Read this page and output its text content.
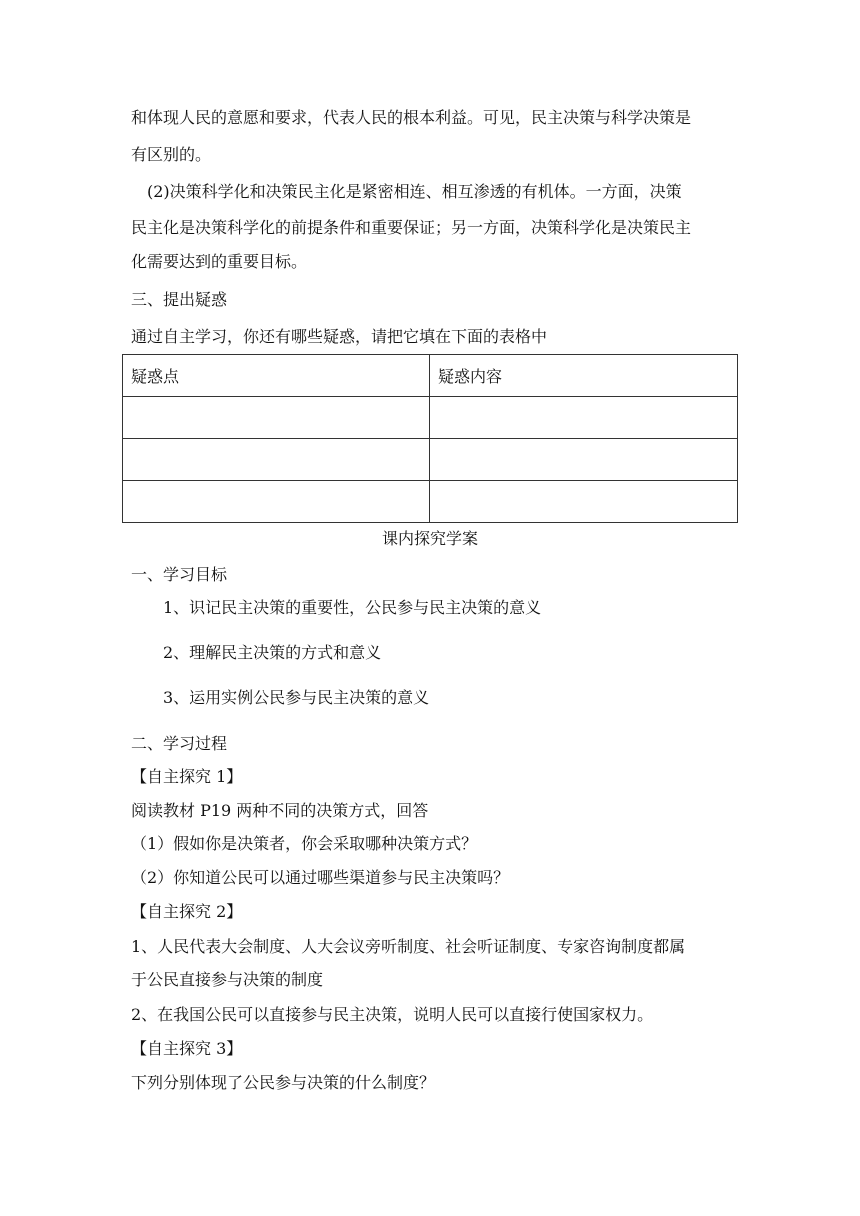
和体现人民的意愿和要求，代表人民的根本利益。可见，民主决策与科学决策是
有区别的。
(2)决策科学化和决策民主化是紧密相连、相互渗透的有机体。一方面，决策
民主化是决策科学化的前提条件和重要保证；另一方面，决策科学化是决策民主
化需要达到的重要目标。
三、提出疑惑
通过自主学习，你还有哪些疑惑，请把它填在下面的表格中
疑惑点	疑惑内容

课内探究学案
一、学习目标
1、识记民主决策的重要性，公民参与民主决策的意义
2、理解民主决策的方式和意义
3、运用实例公民参与民主决策的意义
二、学习过程
【自主探究 1】
阅读教材 P19 两种不同的决策方式，回答
（1）假如你是决策者，你会采取哪种决策方式？
（2）你知道公民可以通过哪些渠道参与民主决策吗？
【自主探究 2】
1、人民代表大会制度、人大会议旁听制度、社会听证制度、专家咨询制度都属
于公民直接参与决策的制度
2、在我国公民可以直接参与民主决策，说明人民可以直接行使国家权力。
【自主探究 3】
下列分别体现了公民参与决策的什么制度？
